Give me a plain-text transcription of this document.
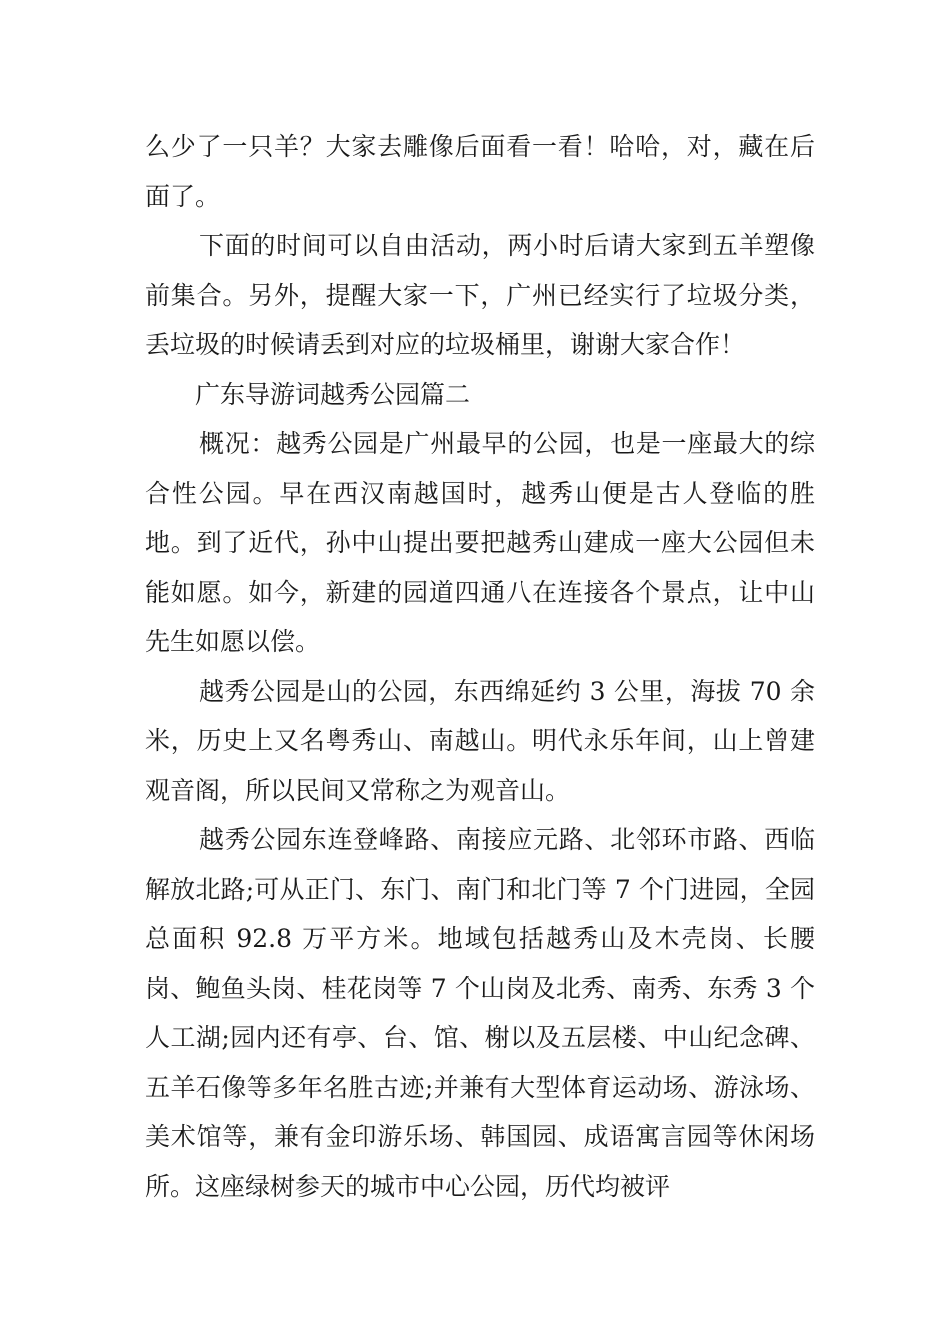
么少了一只羊？大家去雕像后面看一看！哈哈，对，藏在后面了。

下面的时间可以自由活动，两小时后请大家到五羊塑像前集合。另外，提醒大家一下，广州已经实行了垃圾分类，丢垃圾的时候请丢到对应的垃圾桶里，谢谢大家合作！

广东导游词越秀公园篇二

概况：越秀公园是广州最早的公园，也是一座最大的综合性公园。早在西汉南越国时，越秀山便是古人登临的胜地。到了近代，孙中山提出要把越秀山建成一座大公园但未能如愿。如今，新建的园道四通八在连接各个景点，让中山先生如愿以偿。

越秀公园是山的公园，东西绵延约 3 公里，海拔 70 余米，历史上又名粤秀山、南越山。明代永乐年间，山上曾建观音阁，所以民间又常称之为观音山。

越秀公园东连登峰路、南接应元路、北邻环市路、西临解放北路;可从正门、东门、南门和北门等 7 个门进园，全园总面积 92.8 万平方米。地域包括越秀山及木壳岗、长腰岗、鲍鱼头岗、桂花岗等 7 个山岗及北秀、南秀、东秀 3 个人工湖;园内还有亭、台、馆、榭以及五层楼、中山纪念碑、五羊石像等多年名胜古迹;并兼有大型体育运动场、游泳场、美术馆等，兼有金印游乐场、韩国园、成语寓言园等休闲场所。这座绿树参天的城市中心公园，历代均被评
